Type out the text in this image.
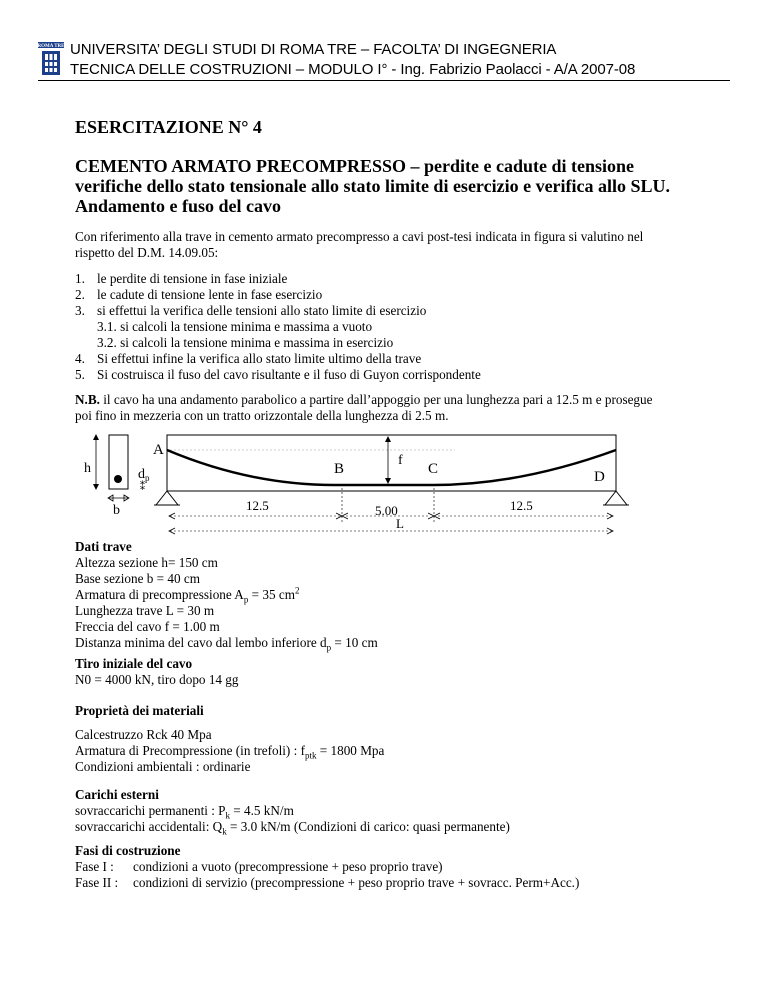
ROMA TRE UNIVERSITA’ DEGLI STUDI DI ROMA TRE – FACOLTA’ DI INGEGNERIA
TECNICA DELLE COSTRUZIONI – MODULO I° - Ing. Fabrizio Paolacci - A/A 2007-08
ESERCITAZIONE N° 4
CEMENTO ARMATO PRECOMPRESSO – perdite e cadute di tensione
verifiche dello stato tensionale allo stato limite di esercizio e verifica allo SLU.
Andamento e fuso del cavo
Con riferimento alla trave in cemento armato precompresso a cavi post-tesi indicata in figura si valutino nel
rispetto del D.M. 14.09.05:
1. le perdite di tensione in fase iniziale
2. le cadute di tensione lente in fase esercizio
3. si effettui la verifica delle tensioni allo stato limite di esercizio
3.1. si calcoli la tensione minima e massima a vuoto
3.2. si calcoli la tensione minima e massima in esercizio
4. Si effettui infine la verifica allo stato limite ultimo della trave
5. Si costruisca il fuso del cavo risultante e il fuso di Guyon corrispondente
N.B. il cavo ha una andamento parabolico a partire dall’appoggio per una lunghezza pari a 12.5 m e prosegue
poi fino in mezzeria con un tratto orizzontale della lunghezza di 2.5 m.
h	$d_p$
⁑
b
A
B	C	D
f
12.5	5.00	12.5
L
Dati trave
Altezza sezione h= 150 cm
Base sezione b = 40 cm
Armatura di precompressione $A_p = 35$ $cm^2$
Lunghezza trave L = 30 m
Freccia del cavo f = 1.00 m
Distanza minima del cavo dal lembo inferiore $d_p = 10$ cm
Tiro iniziale del cavo
N0 = 4000 kN, tiro dopo 14 gg
Proprietà dei materiali
Calcestruzzo Rck 40 Mpa
Armatura di Precompressione (in trefoli) : $f_{ptk} = 1800$ Mpa
Condizioni ambientali : ordinarie
Carichi esterni
sovraccarichi permanenti : $P_k = 4.5$ kN/m
sovraccarichi accidentali: $Q_k = 3.0$ kN/m (Condizioni di carico: quasi permanente)
Fasi di costruzione
Fase I :	condizioni a vuoto (precompressione + peso proprio trave)
Fase II :	condizioni di servizio (precompressione + peso proprio trave + sovracc. Perm+Acc.)
